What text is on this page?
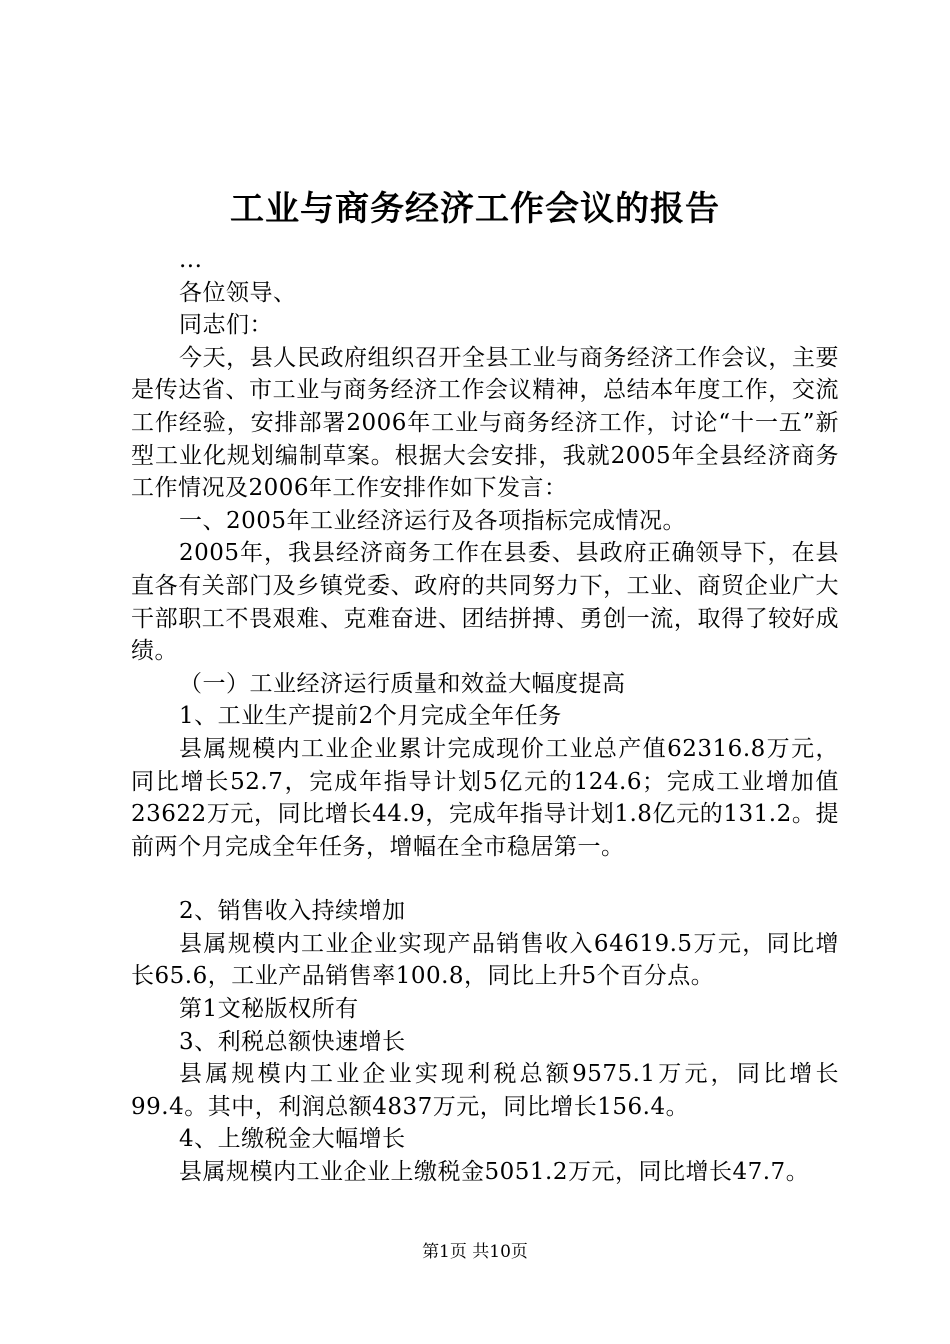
工业与商务经济工作会议的报告

...

各位领导、

同志们：

今天，县人民政府组织召开全县工业与商务经济工作会议，主要是传达省、市工业与商务经济工作会议精神，总结本年度工作，交流工作经验，安排部署2006年工业与商务经济工作，讨论“十一五”新型工业化规划编制草案。根据大会安排，我就2005年全县经济商务工作情况及2006年工作安排作如下发言：

一、2005年工业经济运行及各项指标完成情况。

2005年，我县经济商务工作在县委、县政府正确领导下，在县直各有关部门及乡镇党委、政府的共同努力下，工业、商贸企业广大干部职工不畏艰难、克难奋进、团结拼搏、勇创一流，取得了较好成绩。

（一）工业经济运行质量和效益大幅度提高

1、工业生产提前2个月完成全年任务

县属规模内工业企业累计完成现价工业总产值62316.8万元，同比增长52.7，完成年指导计划5亿元的124.6；完成工业增加值23622万元，同比增长44.9，完成年指导计划1.8亿元的131.2。提前两个月完成全年任务，增幅在全市稳居第一。

2、销售收入持续增加

县属规模内工业企业实现产品销售收入64619.5万元，同比增长65.6，工业产品销售率100.8，同比上升5个百分点。

第1文秘版权所有

3、利税总额快速增长

县属规模内工业企业实现利税总额9575.1万元，同比增长99.4。其中，利润总额4837万元，同比增长156.4。

4、上缴税金大幅增长

县属规模内工业企业上缴税金5051.2万元，同比增长47.7。

第1页 共10页
